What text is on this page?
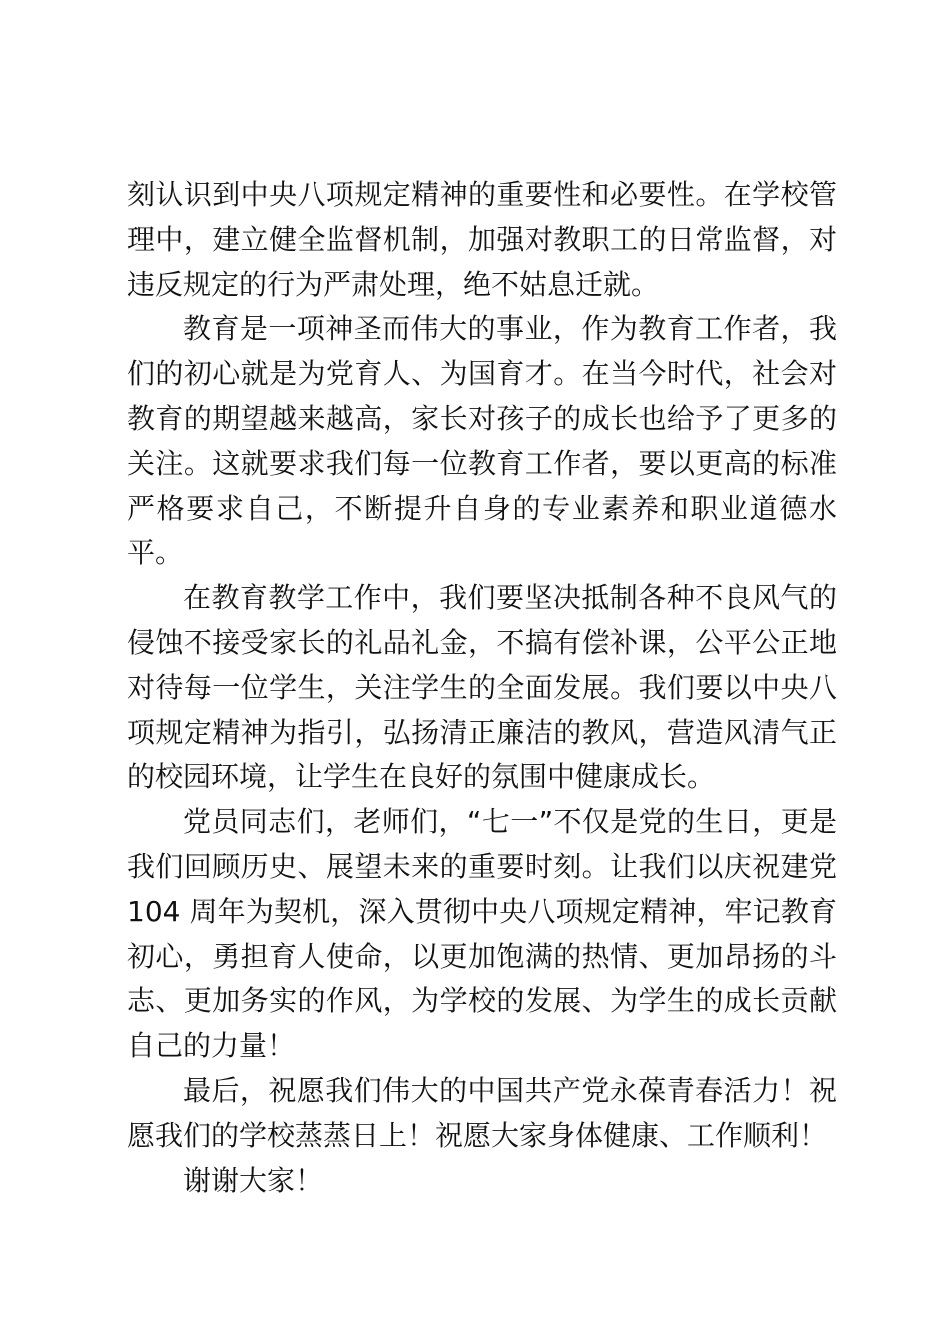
刻认识到中央八项规定精神的重要性和必要性。在学校管理中，建立健全监督机制，加强对教职工的日常监督，对违反规定的行为严肃处理，绝不姑息迁就。

教育是一项神圣而伟大的事业，作为教育工作者，我们的初心就是为党育人、为国育才。在当今时代，社会对教育的期望越来越高，家长对孩子的成长也给予了更多的关注。这就要求我们每一位教育工作者，要以更高的标准严格要求自己，不断提升自身的专业素养和职业道德水平。

在教育教学工作中，我们要坚决抵制各种不良风气的侵蚀不接受家长的礼品礼金，不搞有偿补课，公平公正地对待每一位学生，关注学生的全面发展。我们要以中央八项规定精神为指引，弘扬清正廉洁的教风，营造风清气正的校园环境，让学生在良好的氛围中健康成长。

党员同志们，老师们，“七一”不仅是党的生日，更是我们回顾历史、展望未来的重要时刻。让我们以庆祝建党 104 周年为契机，深入贯彻中央八项规定精神，牢记教育初心，勇担育人使命，以更加饱满的热情、更加昂扬的斗志、更加务实的作风，为学校的发展、为学生的成长贡献自己的力量！

最后，祝愿我们伟大的中国共产党永葆青春活力！祝愿我们的学校蒸蒸日上！祝愿大家身体健康、工作顺利！

谢谢大家！
